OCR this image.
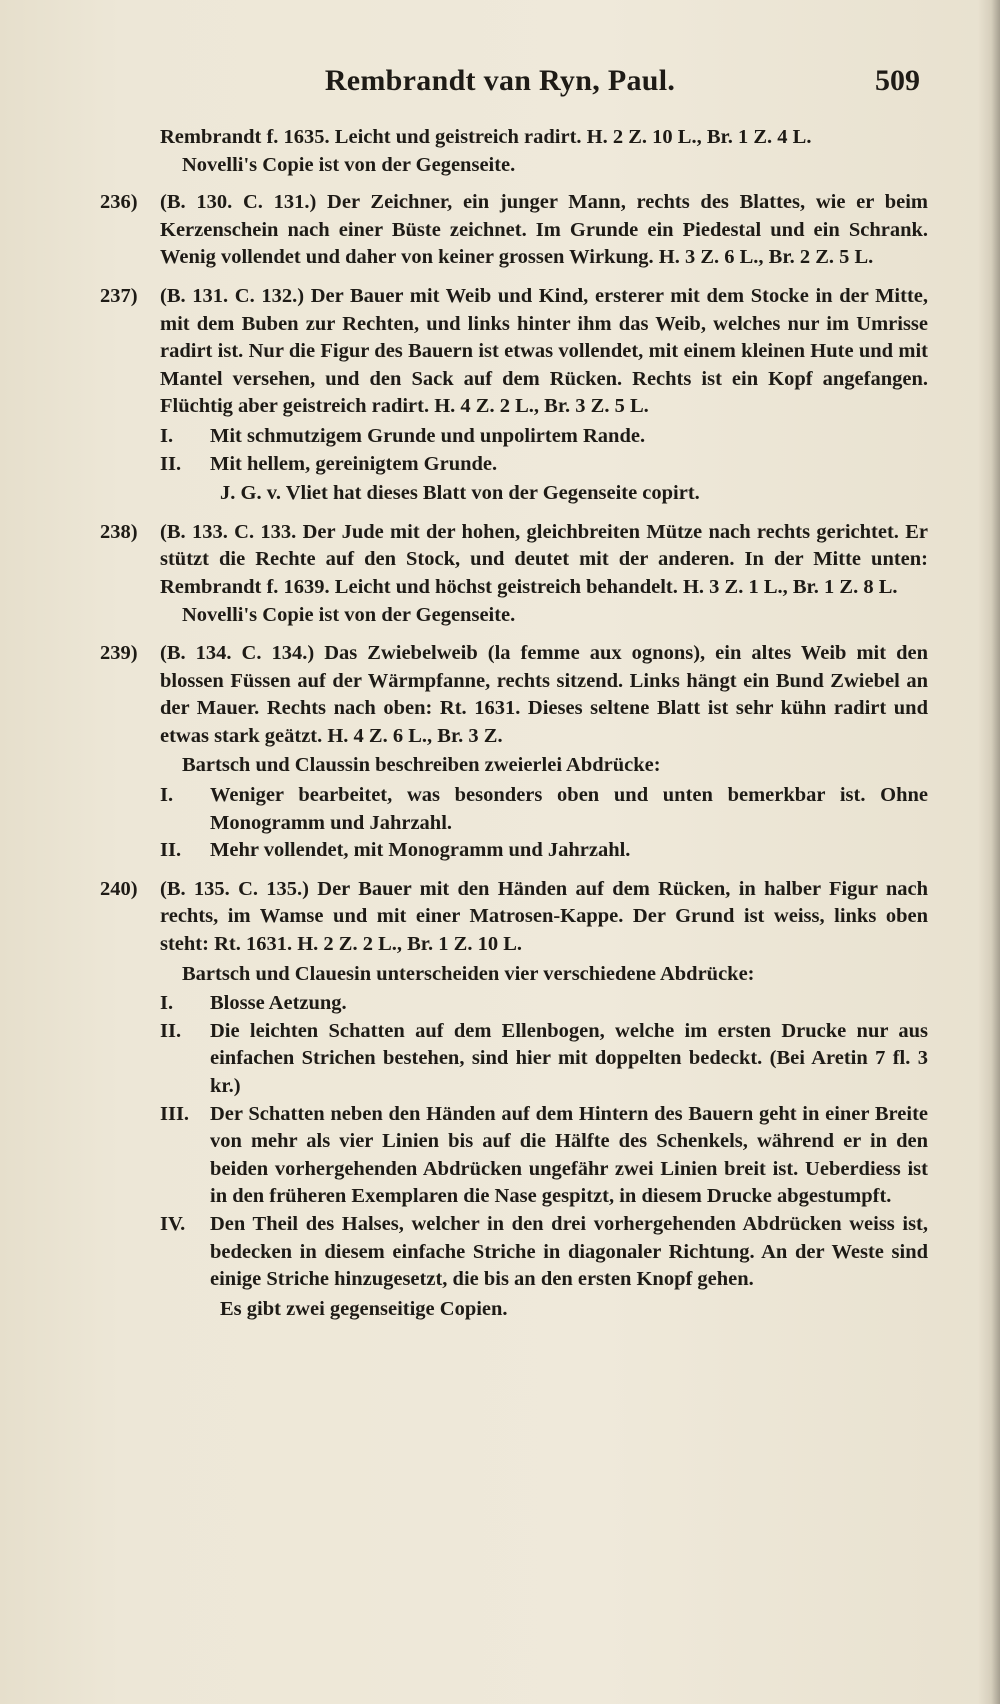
Rembrandt van Ryn, Paul.	509

Rembrandt f. 1635. Leicht und geistreich radirt. H. 2 Z. 10 L., Br. 1 Z. 4 L.

Novelli's Copie ist von der Gegenseite.

236)	(B. 130. C. 131.) Der Zeichner, ein junger Mann, rechts des Blattes, wie er beim Kerzenschein nach einer Büste zeichnet. Im Grunde ein Piedestal und ein Schrank. Wenig vollendet und daher von keiner grossen Wirkung. H. 3 Z. 6 L., Br. 2 Z. 5 L.

237)	(B. 131. C. 132.) Der Bauer mit Weib und Kind, ersterer mit dem Stocke in der Mitte, mit dem Buben zur Rechten, und links hinter ihm das Weib, welches nur im Umrisse radirt ist. Nur die Figur des Bauern ist etwas vollendet, mit einem kleinen Hute und mit Mantel versehen, und den Sack auf dem Rücken. Rechts ist ein Kopf angefangen. Flüchtig aber geistreich radirt. H. 4 Z. 2 L., Br. 3 Z. 5 L.

I. Mit schmutzigem Grunde und unpolirtem Rande.

II. Mit hellem, gereinigtem Grunde.

J. G. v. Vliet hat dieses Blatt von der Gegenseite copirt.

238)	(B. 133. C. 133. Der Jude mit der hohen, gleichbreiten Mütze nach rechts gerichtet. Er stützt die Rechte auf den Stock, und deutet mit der anderen. In der Mitte unten: Rembrandt f. 1639. Leicht und höchst geistreich behandelt. H. 3 Z. 1 L., Br. 1 Z. 8 L.

Novelli's Copie ist von der Gegenseite.

239)	(B. 134. C. 134.) Das Zwiebelweib (la femme aux ognons), ein altes Weib mit den blossen Füssen auf der Wärmpfanne, rechts sitzend. Links hängt ein Bund Zwiebel an der Mauer. Rechts nach oben: Rt. 1631. Dieses seltene Blatt ist sehr kühn radirt und etwas stark geätzt. H. 4 Z. 6 L., Br. 3 Z.

Bartsch und Claussin beschreiben zweierlei Abdrücke:

I. Weniger bearbeitet, was besonders oben und unten bemerkbar ist. Ohne Monogramm und Jahrzahl.

II. Mehr vollendet, mit Monogramm und Jahrzahl.

240)	(B. 135. C. 135.) Der Bauer mit den Händen auf dem Rücken, in halber Figur nach rechts, im Wamse und mit einer Matrosen-Kappe. Der Grund ist weiss, links oben steht: Rt. 1631. H. 2 Z. 2 L., Br. 1 Z. 10 L.

Bartsch und Clauesin unterscheiden vier verschiedene Abdrücke:

I. Blosse Aetzung.

II. Die leichten Schatten auf dem Ellenbogen, welche im ersten Drucke nur aus einfachen Strichen bestehen, sind hier mit doppelten bedeckt. (Bei Aretin 7 fl. 3 kr.)

III. Der Schatten neben den Händen auf dem Hintern des Bauern geht in einer Breite von mehr als vier Linien bis auf die Hälfte des Schenkels, während er in den beiden vorhergehenden Abdrücken ungefähr zwei Linien breit ist. Ueberdiess ist in den früheren Exemplaren die Nase gespitzt, in diesem Drucke abgestumpft.

IV. Den Theil des Halses, welcher in den drei vorhergehenden Abdrücken weiss ist, bedecken in diesem einfache Striche in diagonaler Richtung. An der Weste sind einige Striche hinzugesetzt, die bis an den ersten Knopf gehen.

Es gibt zwei gegenseitige Copien.
